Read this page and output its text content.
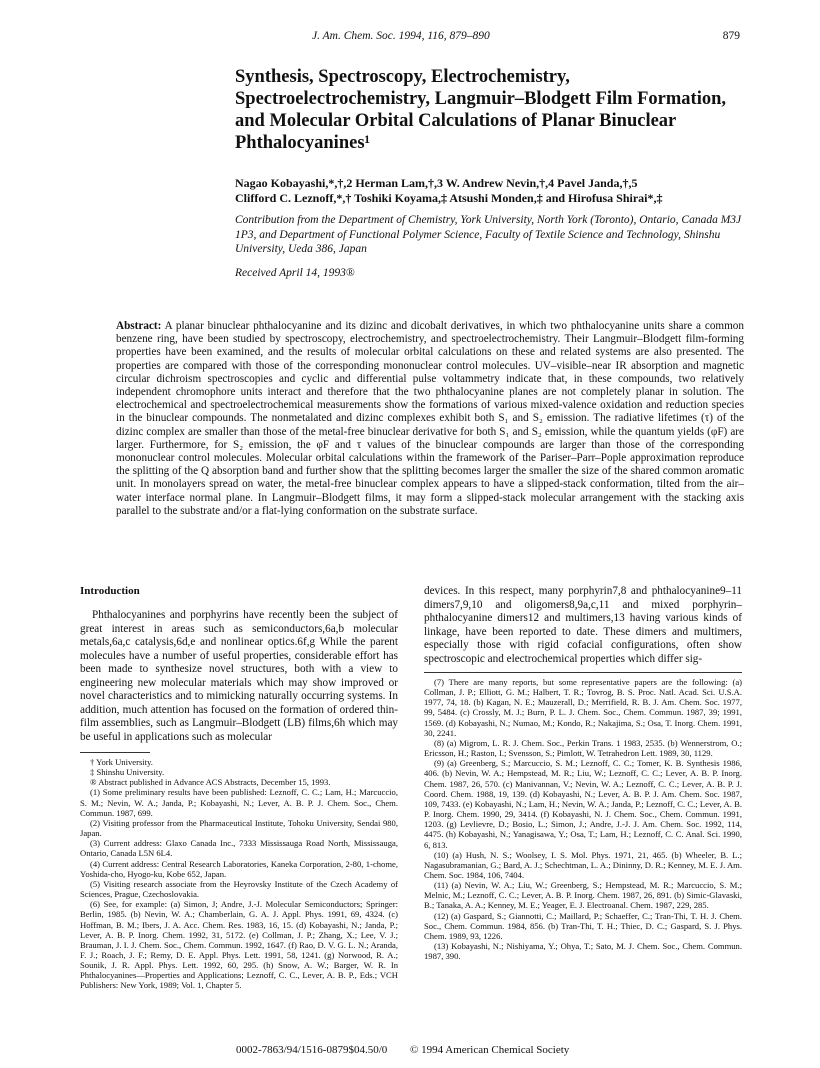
J. Am. Chem. Soc. 1994, 116, 879–890	879
Synthesis, Spectroscopy, Electrochemistry, Spectroelectrochemistry, Langmuir–Blodgett Film Formation, and Molecular Orbital Calculations of Planar Binuclear Phthalocyanines¹
Nagao Kobayashi,*,†,2 Herman Lam,†,3 W. Andrew Nevin,†,4 Pavel Janda,†,5
Clifford C. Leznoff,*,† Toshiki Koyama,‡ Atsushi Monden,‡ and Hirofusa Shirai*,‡

Contribution from the Department of Chemistry, York University, North York (Toronto), Ontario, Canada M3J 1P3, and Department of Functional Polymer Science, Faculty of Textile Science and Technology, Shinshu University, Ueda 386, Japan

Received April 14, 1993®

Abstract: A planar binuclear phthalocyanine and its dizinc and dicobalt derivatives, in which two phthalocyanine units share a common benzene ring, have been studied by spectroscopy, electrochemistry, and spectroelectrochemistry. Their Langmuir–Blodgett film-forming properties have been examined, and the results of molecular orbital calculations on these and related systems are also presented. The properties are compared with those of the corresponding mononuclear control molecules. UV–visible–near IR absorption and magnetic circular dichroism spectroscopies and cyclic and differential pulse voltammetry indicate that, in these compounds, two relatively independent chromophore units interact and therefore that the two phthalocyanine planes are not completely planar in solution. The electrochemical and spectroelectrochemical measurements show the formations of various mixed-valence oxidation and reduction species in the binuclear compounds. The nonmetalated and dizinc complexes exhibit both S₁ and S₂ emission. The radiative lifetimes (τ) of the dizinc complex are smaller than those of the metal-free binuclear derivative for both S₁ and S₂ emission, while the quantum yields (φF) are larger. Furthermore, for S₂ emission, the φF and τ values of the binuclear compounds are larger than those of the corresponding mononuclear control molecules. Molecular orbital calculations within the framework of the Pariser–Parr–Pople approximation reproduce the splitting of the Q absorption band and further show that the splitting becomes larger the smaller the size of the shared common aromatic unit. In monolayers spread on water, the metal-free binuclear complex appears to have a slipped-stack conformation, tilted from the air–water interface normal plane. In Langmuir–Blodgett films, it may form a slipped-stack molecular arrangement with the stacking axis parallel to the substrate and/or a flat-lying conformation on the substrate surface.

Introduction

Phthalocyanines and porphyrins have recently been the subject of great interest in areas such as semiconductors,6a,b molecular metals,6a,c catalysis,6d,e and nonlinear optics.6f,g While the parent molecules have a number of useful properties, considerable effort has been made to synthesize novel structures, both with a view to engineering new molecular materials which may show improved or novel characteristics and to mimicking naturally occurring systems. In addition, much attention has focused on the formation of ordered thin-film assemblies, such as Langmuir–Blodgett (LB) films,6h which may be useful in applications such as molecular

† York University.

‡ Shinshu University.

® Abstract published in Advance ACS Abstracts, December 15, 1993.

(1) Some preliminary results have been published: Leznoff, C. C.; Lam, H.; Marcuccio, S. M.; Nevin, W. A.; Janda, P.; Kobayashi, N.; Lever, A. B. P. J. Chem. Soc., Chem. Commun. 1987, 699.

(2) Visiting professor from the Pharmaceutical Institute, Tohoku University, Sendai 980, Japan.

(3) Current address: Glaxo Canada Inc., 7333 Mississauga Road North, Mississauga, Ontario, Canada L5N 6L4.

(4) Current address: Central Research Laboratories, Kaneka Corporation, 2-80, 1-chome, Yoshida-cho, Hyogo-ku, Kobe 652, Japan.

(5) Visiting research associate from the Heyrovsky Institute of the Czech Academy of Sciences, Prague, Czechoslovakia.

(6) See, for example: (a) Simon, J; Andre, J.-J. Molecular Semiconductors; Springer: Berlin, 1985. (b) Nevin, W. A.; Chamberlain, G. A. J. Appl. Phys. 1991, 69, 4324. (c) Hoffman, B. M.; Ibers, J. A. Acc. Chem. Res. 1983, 16, 15. (d) Kobayashi, N.; Janda, P.; Lever, A. B. P. Inorg. Chem. 1992, 31, 5172. (e) Collman, J. P.; Zhang, X.; Lee, V. J.; Brauman, J. I. J. Chem. Soc., Chem. Commun. 1992, 1647. (f) Rao, D. V. G. L. N.; Aranda, F. J.; Roach, J. F.; Remy, D. E. Appl. Phys. Lett. 1991, 58, 1241. (g) Norwood, R. A.; Sounik, J. R. Appl. Phys. Lett. 1992, 60, 295. (h) Snow, A. W.; Barger, W. R. In Phthalocyanines—Properties and Applications; Leznoff, C. C., Lever, A. B. P., Eds.; VCH Publishers: New York, 1989; Vol. 1, Chapter 5.

devices. In this respect, many porphyrin7,8 and phthalocyanine9–11 dimers7,9,10 and oligomers8,9a,c,11 and mixed porphyrin–phthalocyanine dimers12 and multimers,13 having various kinds of linkage, have been reported to date. These dimers and multimers, especially those with rigid cofacial configurations, often show spectroscopic and electrochemical properties which differ sig-

(7) There are many reports, but some representative papers are the following: (a) Collman, J. P.; Elliott, G. M.; Halbert, T. R.; Tovrog, B. S. Proc. Natl. Acad. Sci. U.S.A. 1977, 74, 18. (b) Kagan, N. E.; Mauzerall, D.; Merrifield, R. B. J. Am. Chem. Soc. 1977, 99, 5484. (c) Crossly, M. J.; Burn, P. L. J. Chem. Soc., Chem. Commun. 1987, 39; 1991, 1569. (d) Kobayashi, N.; Numao, M.; Kondo, R.; Nakajima, S.; Osa, T. Inorg. Chem. 1991, 30, 2241.

(8) (a) Migrom, L. R. J. Chem. Soc., Perkin Trans. 1 1983, 2535. (b) Wennerstrom, O.; Ericsson, H.; Raston, I.; Svensson, S.; Pimlott, W. Tetrahedron Lett. 1989, 30, 1129.

(9) (a) Greenberg, S.; Marcuccio, S. M.; Leznoff, C. C.; Tomer, K. B. Synthesis 1986, 406. (b) Nevin, W. A.; Hempstead, M. R.; Liu, W.; Leznoff, C. C.; Lever, A. B. P. Inorg. Chem. 1987, 26, 570. (c) Manivannan, V.; Nevin, W. A.; Leznoff, C. C.; Lever, A. B. P. J. Coord. Chem. 1988, 19, 139. (d) Kobayashi, N.; Lever, A. B. P. J. Am. Chem. Soc. 1987, 109, 7433. (e) Kobayashi, N.; Lam, H.; Nevin, W. A.; Janda, P.; Leznoff, C. C.; Lever, A. B. P. Inorg. Chem. 1990, 29, 3414. (f) Kobayashi, N. J. Chem. Soc., Chem. Commun. 1991, 1203. (g) Levlievre, D.; Bosio, L.; Simon, J.; Andre, J.-J. J. Am. Chem. Soc. 1992, 114, 4475. (h) Kobayashi, N.; Yanagisawa, Y.; Osa, T.; Lam, H.; Leznoff, C. C. Anal. Sci. 1990, 6, 813.

(10) (a) Hush, N. S.; Woolsey, I. S. Mol. Phys. 1971, 21, 465. (b) Wheeler, B. L.; Nagasubramanian, G.; Bard, A. J.; Schechtman, L. A.; Dininny, D. R.; Kenney, M. E. J. Am. Chem. Soc. 1984, 106, 7404.

(11) (a) Nevin, W. A.; Liu, W.; Greenberg, S.; Hempstead, M. R.; Marcuccio, S. M.; Melnic, M.; Leznoff, C. C.; Lever, A. B. P. Inorg. Chem. 1987, 26, 891. (b) Simic-Glavaski, B.; Tanaka, A. A.; Kenney, M. E.; Yeager, E. J. Electroanal. Chem. 1987, 229, 285.

(12) (a) Gaspard, S.; Giannotti, C.; Maillard, P.; Schaeffer, C.; Tran-Thi, T. H. J. Chem. Soc., Chem. Commun. 1984, 856. (b) Tran-Thi, T. H.; Thiec, D. C.; Gaspard, S. J. Phys. Chem. 1989, 93, 1226.

(13) Kobayashi, N.; Nishiyama, Y.; Ohya, T.; Sato, M. J. Chem. Soc., Chem. Commun. 1987, 390.

0002-7863/94/1516-0879$04.50/0 © 1994 American Chemical Society
